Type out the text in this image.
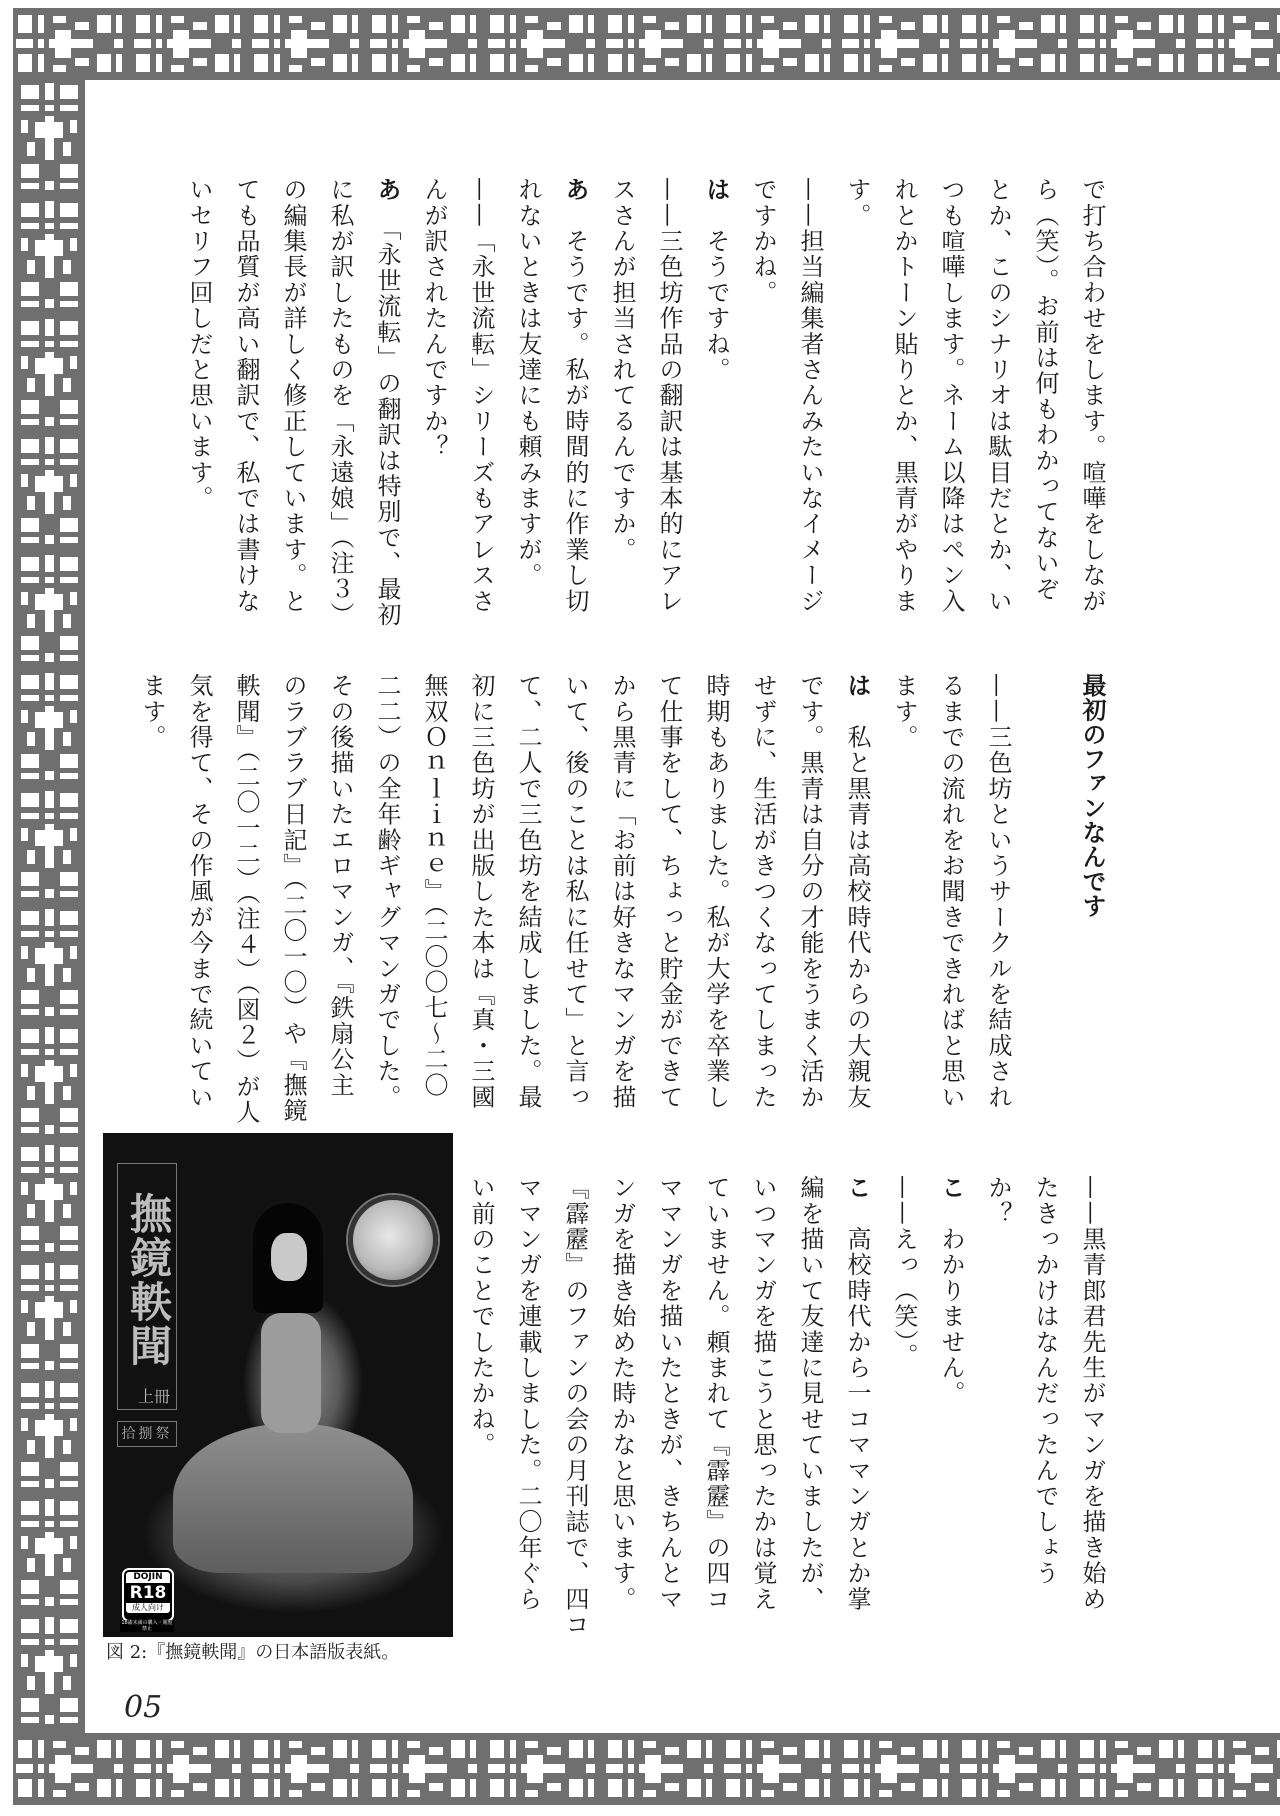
で打ち合わせをします。喧嘩をしなが
ら（笑）。お前は何もわかってないぞ
とか、このシナリオは駄目だとか、い
つも喧嘩します。ネーム以降はペン入
れとかトーン貼りとか、黒青がやりま
す。
——担当編集者さんみたいなイメージ
ですかね。
は　そうですね。
——三色坊作品の翻訳は基本的にアレ
スさんが担当されてるんですか。
あ　そうです。私が時間的に作業し切
れないときは友達にも頼みますが。
——「永世流転」シリーズもアレスさ
んが訳されたんですか？
あ　「永世流転」の翻訳は特別で、最初
に私が訳したものを「永遠娘」（注３）
の編集長が詳しく修正しています。と
ても品質が高い翻訳で、私では書けな
いセリフ回しだと思います。
最初のファンなんです
——三色坊というサークルを結成され
るまでの流れをお聞きできればと思い
ます。
は　私と黒青は高校時代からの大親友
です。黒青は自分の才能をうまく活か
せずに、生活がきつくなってしまった
時期もありました。私が大学を卒業し
て仕事をして、ちょっと貯金ができて
から黒青に「お前は好きなマンガを描
いて、後のことは私に任せて」と言っ
て、二人で三色坊を結成しました。最
初に三色坊が出版した本は『真・三國
無双Ｏｎｌｉｎｅ』（二〇〇七〜二〇
二二）の全年齢ギャグマンガでした。
その後描いたエロマンガ、『鉄扇公主
のラブラブ日記』（二〇一〇）や『撫鏡
軼聞』（二〇一二）（注４）（図２）が人
気を得て、その作風が今まで続いてい
ます。
——黒青郎君先生がマンガを描き始め
たきっかけはなんだったんでしょう
か？
こ　わかりません。
——えっ（笑）。
こ　高校時代から一コママンガとか掌
編を描いて友達に見せていましたが、
いつマンガを描こうと思ったかは覚え
ていません。頼まれて『霹靂』の四コ
ママンガを描いたときが、きちんとマ
ンガを描き始めた時かなと思います。
『霹靂』のファンの会の月刊誌で、四コ
ママンガを連載しました。二〇年ぐら
い前のことでしたかね。
撫鏡軼聞
上冊
拾捌祭
DOJIN
R18
成人向け
18歳未満の購入・閲覧禁止
図 2:『撫鏡軼聞』の日本語版表紙。
05
